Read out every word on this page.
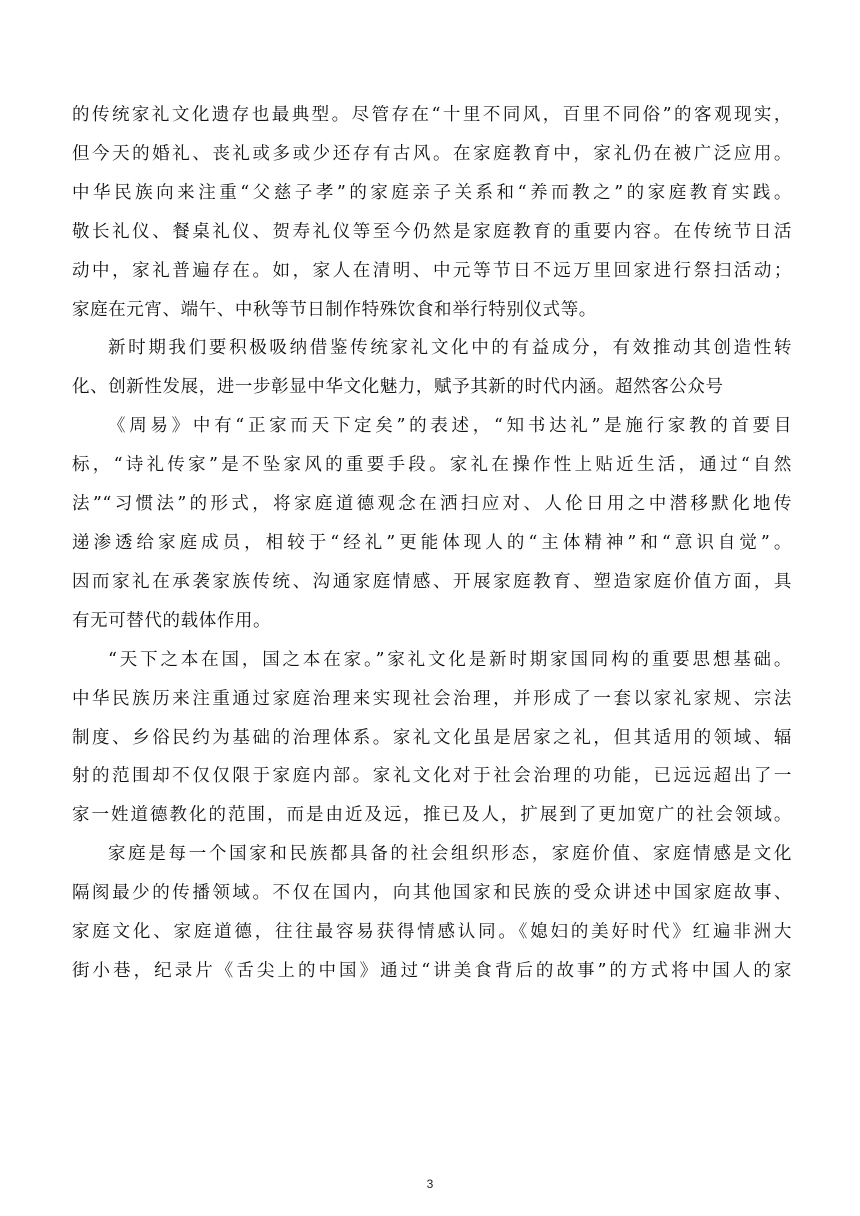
的传统家礼文化遗存也最典型。尽管存在“十里不同风，百里不同俗”的客观现实，
但今天的婚礼、丧礼或多或少还存有古风。在家庭教育中，家礼仍在被广泛应用。
中华民族向来注重“父慈子孝”的家庭亲子关系和“养而教之”的家庭教育实践。
敬长礼仪、餐桌礼仪、贺寿礼仪等至今仍然是家庭教育的重要内容。在传统节日活
动中，家礼普遍存在。如，家人在清明、中元等节日不远万里回家进行祭扫活动；
家庭在元宵、端午、中秋等节日制作特殊饮食和举行特别仪式等。

新时期我们要积极吸纳借鉴传统家礼文化中的有益成分，有效推动其创造性转
化、创新性发展，进一步彰显中华文化魅力，赋予其新的时代内涵。超然客公众号

《周易》中有“正家而天下定矣”的表述，“知书达礼”是施行家教的首要目
标，“诗礼传家”是不坠家风的重要手段。家礼在操作性上贴近生活，通过“自然
法”“习惯法”的形式，将家庭道德观念在洒扫应对、人伦日用之中潜移默化地传
递渗透给家庭成员，相较于“经礼”更能体现人的“主体精神”和“意识自觉”。
因而家礼在承袭家族传统、沟通家庭情感、开展家庭教育、塑造家庭价值方面，具
有无可替代的载体作用。

“天下之本在国，国之本在家。”家礼文化是新时期家国同构的重要思想基础。
中华民族历来注重通过家庭治理来实现社会治理，并形成了一套以家礼家规、宗法
制度、乡俗民约为基础的治理体系。家礼文化虽是居家之礼，但其适用的领域、辐
射的范围却不仅仅限于家庭内部。家礼文化对于社会治理的功能，已远远超出了一
家一姓道德教化的范围，而是由近及远，推已及人，扩展到了更加宽广的社会领域。

家庭是每一个国家和民族都具备的社会组织形态，家庭价值、家庭情感是文化
隔阂最少的传播领域。不仅在国内，向其他国家和民族的受众讲述中国家庭故事、
家庭文化、家庭道德，往往最容易获得情感认同。《媳妇的美好时代》红遍非洲大
街小巷，纪录片《舌尖上的中国》通过“讲美食背后的故事”的方式将中国人的家

3
